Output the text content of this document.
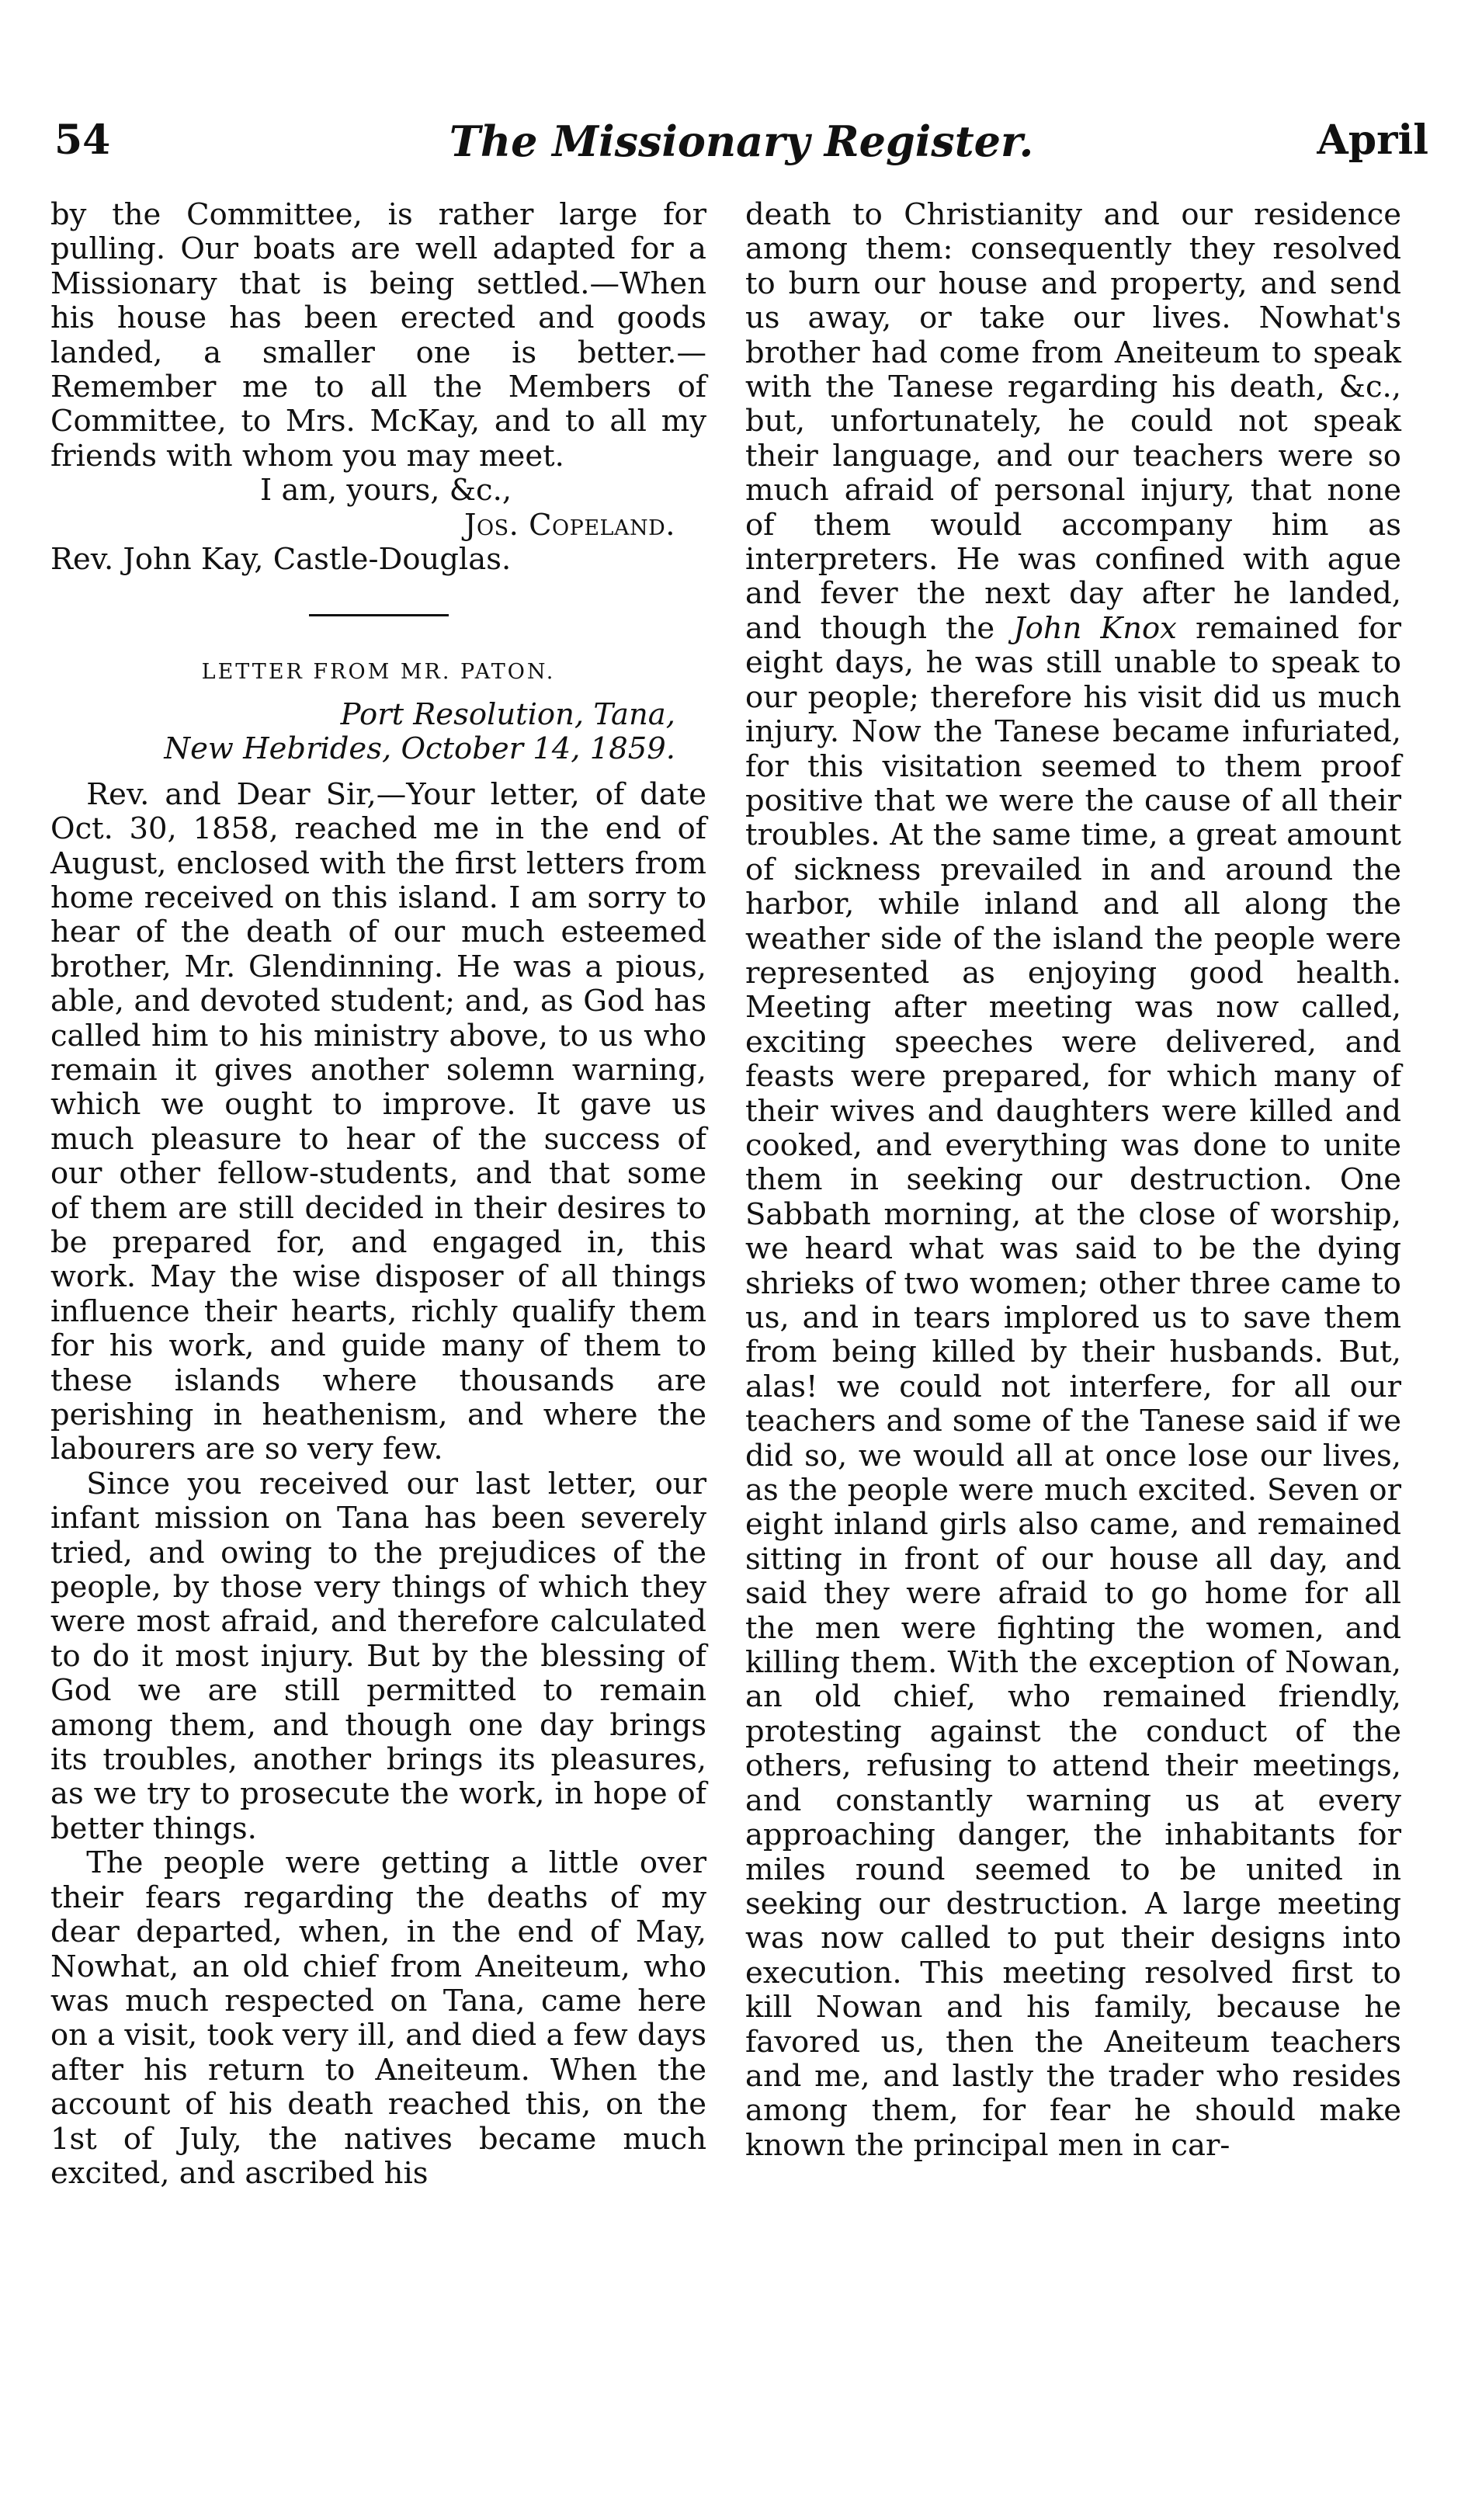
54	The Missionary Register.	April

by the Committee, is rather large for pulling. Our boats are well adapted for a Missionary that is being settled.—When his house has been erected and goods landed, a smaller one is better.—Remember me to all the Members of Committee, to Mrs. McKay, and to all my friends with whom you may meet.

I am, yours, &c.,

Jos. Copeland.

Rev. John Kay, Castle-Douglas.

LETTER FROM MR. PATON.

Port Resolution, Tana,

New Hebrides, October 14, 1859.

Rev. and Dear Sir,—Your letter, of date Oct. 30, 1858, reached me in the end of August, enclosed with the first letters from home received on this island. I am sorry to hear of the death of our much esteemed brother, Mr. Glendinning. He was a pious, able, and devoted student; and, as God has called him to his ministry above, to us who remain it gives another solemn warning, which we ought to improve. It gave us much pleasure to hear of the success of our other fellow-students, and that some of them are still decided in their desires to be prepared for, and engaged in, this work. May the wise disposer of all things influence their hearts, richly qualify them for his work, and guide many of them to these islands where thousands are perishing in heathenism, and where the labourers are so very few.

Since you received our last letter, our infant mission on Tana has been severely tried, and owing to the prejudices of the people, by those very things of which they were most afraid, and therefore calculated to do it most injury. But by the blessing of God we are still permitted to remain among them, and though one day brings its troubles, another brings its pleasures, as we try to prosecute the work, in hope of better things.

The people were getting a little over their fears regarding the deaths of my dear departed, when, in the end of May, Nowhat, an old chief from Aneiteum, who was much respected on Tana, came here on a visit, took very ill, and died a few days after his return to Aneiteum. When the account of his death reached this, on the 1st of July, the natives became much excited, and ascribed his

death to Christianity and our residence among them: consequently they resolved to burn our house and property, and send us away, or take our lives. Nowhat's brother had come from Aneiteum to speak with the Tanese regarding his death, &c., but, unfortunately, he could not speak their language, and our teachers were so much afraid of personal injury, that none of them would accompany him as interpreters. He was confined with ague and fever the next day after he landed, and though the John Knox remained for eight days, he was still unable to speak to our people; therefore his visit did us much injury. Now the Tanese became infuriated, for this visitation seemed to them proof positive that we were the cause of all their troubles. At the same time, a great amount of sickness prevailed in and around the harbor, while inland and all along the weather side of the island the people were represented as enjoying good health. Meeting after meeting was now called, exciting speeches were delivered, and feasts were prepared, for which many of their wives and daughters were killed and cooked, and everything was done to unite them in seeking our destruction. One Sabbath morning, at the close of worship, we heard what was said to be the dying shrieks of two women; other three came to us, and in tears implored us to save them from being killed by their husbands. But, alas! we could not interfere, for all our teachers and some of the Tanese said if we did so, we would all at once lose our lives, as the people were much excited. Seven or eight inland girls also came, and remained sitting in front of our house all day, and said they were afraid to go home for all the men were fighting the women, and killing them. With the exception of Nowan, an old chief, who remained friendly, protesting against the conduct of the others, refusing to attend their meetings, and constantly warning us at every approaching danger, the inhabitants for miles round seemed to be united in seeking our destruction. A large meeting was now called to put their designs into execution. This meeting resolved first to kill Nowan and his family, because he favored us, then the Aneiteum teachers and me, and lastly the trader who resides among them, for fear he should make known the principal men in car-
